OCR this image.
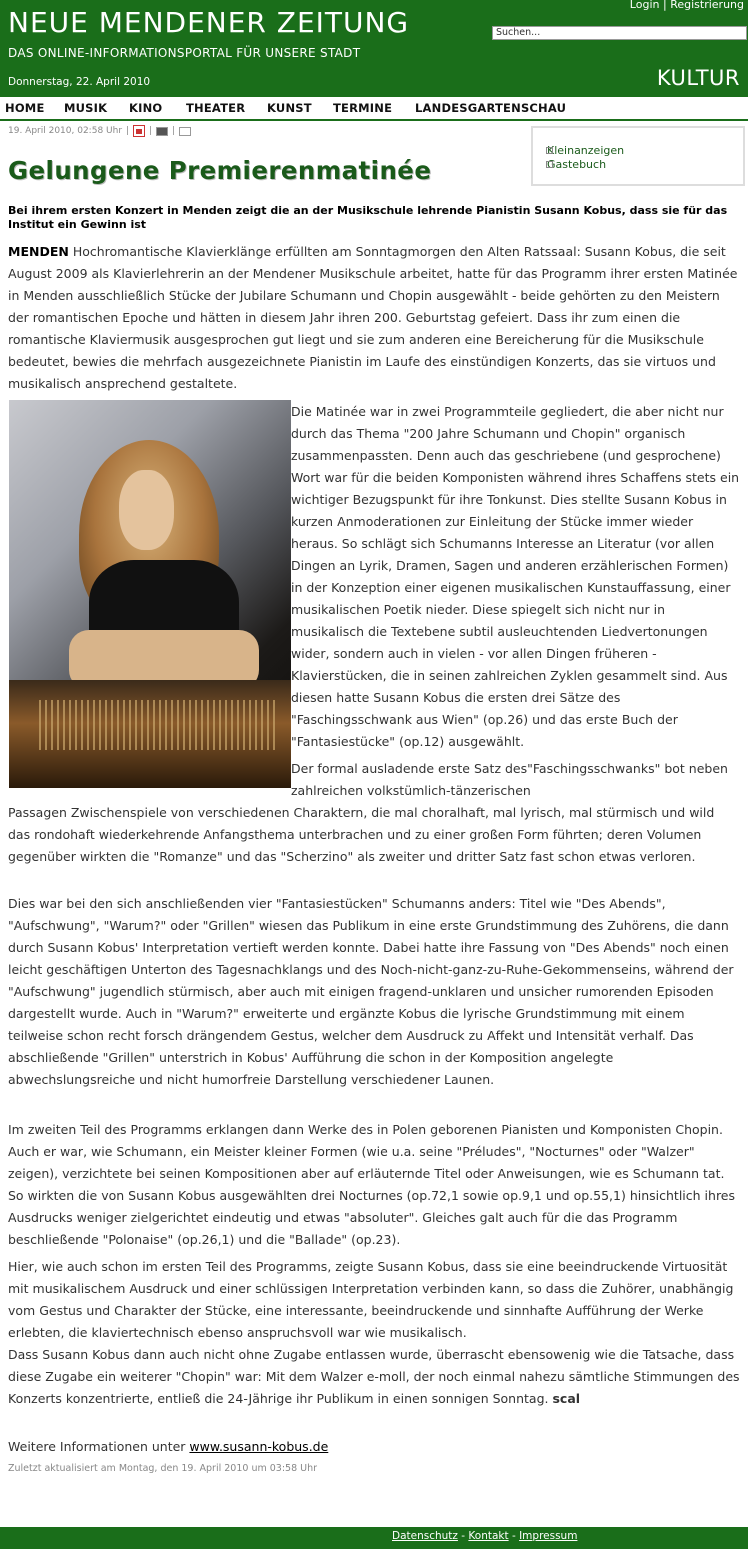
NEUE MENDENER ZEITUNG
DAS ONLINE-INFORMATIONSPORTAL FÜR UNSERE STADT
Donnerstag, 22. April 2010
Login | Registrierung
Suchen...
KULTUR
HOME MUSIK KINO THEATER KUNST TERMINE LANDESGARTENSCHAU
19. April 2010, 02:58 Uhr | | |
Kleinanzeigen
Gastebuch
Gelungene Premierenmatinée
Bei ihrem ersten Konzert in Menden zeigt die an der Musikschule lehrende Pianistin Susann Kobus, dass sie für das Institut ein Gewinn ist
MENDEN Hochromantische Klavierklänge erfüllten am Sonntagmorgen den Alten Ratssaal: Susann Kobus, die seit August 2009 als Klavierlehrerin an der Mendener Musikschule arbeitet, hatte für das Programm ihrer ersten Matinée in Menden ausschließlich Stücke der Jubilare Schumann und Chopin ausgewählt - beide gehörten zu den Meistern der romantischen Epoche und hätten in diesem Jahr ihren 200. Geburtstag gefeiert. Dass ihr zum einen die romantische Klaviermusik ausgesprochen gut liegt und sie zum anderen eine Bereicherung für die Musikschule bedeutet, bewies die mehrfach ausgezeichnete Pianistin im Laufe des einstündigen Konzerts, das sie virtuos und musikalisch ansprechend gestaltete.
Die Matinée war in zwei Programmteile gegliedert, die aber nicht nur durch das Thema "200 Jahre Schumann und Chopin" organisch zusammenpassten. Denn auch das geschriebene (und gesprochene) Wort war für die beiden Komponisten während ihres Schaffens stets ein wichtiger Bezugspunkt für ihre Tonkunst. Dies stellte Susann Kobus in kurzen Anmoderationen zur Einleitung der Stücke immer wieder heraus. So schlägt sich Schumanns Interesse an Literatur (vor allen Dingen an Lyrik, Dramen, Sagen und anderen erzählerischen Formen) in der Konzeption einer eigenen musikalischen Kunstauffassung, einer musikalischen Poetik nieder. Diese spiegelt sich nicht nur in musikalisch die Textebene subtil ausleuchtenden Liedvertonungen wider, sondern auch in vielen - vor allen Dingen früheren - Klavierstücken, die in seinen zahlreichen Zyklen gesammelt sind. Aus diesen hatte Susann Kobus die ersten drei Sätze des "Faschingsschwank aus Wien" (op.26) und das erste Buch der "Fantasiestücke" (op.12) ausgewählt.
Der formal ausladende erste Satz des"Faschingsschwanks" bot neben zahlreichen volkstümlich-tänzerischen
Passagen Zwischenspiele von verschiedenen Charaktern, die mal choralhaft, mal lyrisch, mal stürmisch und wild das rondohaft wiederkehrende Anfangsthema unterbrachen und zu einer großen Form führten; deren Volumen gegenüber wirkten die "Romanze" und das "Scherzino" als zweiter und dritter Satz fast schon etwas verloren.
Dies war bei den sich anschließenden vier "Fantasiestücken" Schumanns anders: Titel wie "Des Abends", "Aufschwung", "Warum?" oder "Grillen" wiesen das Publikum in eine erste Grundstimmung des Zuhörens, die dann durch Susann Kobus' Interpretation vertieft werden konnte. Dabei hatte ihre Fassung von "Des Abends" noch einen leicht geschäftigen Unterton des Tagesnachklangs und des Noch-nicht-ganz-zu-Ruhe-Gekommenseins, während der "Aufschwung" jugendlich stürmisch, aber auch mit einigen fragend-unklaren und unsicher rumorenden Episoden dargestellt wurde. Auch in "Warum?" erweiterte und ergänzte Kobus die lyrische Grundstimmung mit einem teilweise schon recht forsch drängendem Gestus, welcher dem Ausdruck zu Affekt und Intensität verhalf. Das abschließende "Grillen" unterstrich in Kobus' Aufführung die schon in der Komposition angelegte abwechslungsreiche und nicht humorfreie Darstellung verschiedener Launen.
Im zweiten Teil des Programms erklangen dann Werke des in Polen geborenen Pianisten und Komponisten Chopin. Auch er war, wie Schumann, ein Meister kleiner Formen (wie u.a. seine "Préludes", "Nocturnes" oder "Walzer" zeigen), verzichtete bei seinen Kompositionen aber auf erläuternde Titel oder Anweisungen, wie es Schumann tat. So wirkten die von Susann Kobus ausgewählten drei Nocturnes (op.72,1 sowie op.9,1 und op.55,1) hinsichtlich ihres Ausdrucks weniger zielgerichtet eindeutig und etwas "absoluter". Gleiches galt auch für die das Programm beschließende "Polonaise" (op.26,1) und die "Ballade" (op.23).
Hier, wie auch schon im ersten Teil des Programms, zeigte Susann Kobus, dass sie eine beeindruckende Virtuosität mit musikalischem Ausdruck und einer schlüssigen Interpretation verbinden kann, so dass die Zuhörer, unabhängig vom Gestus und Charakter der Stücke, eine interessante, beeindruckende und sinnhafte Aufführung der Werke erlebten, die klaviertechnisch ebenso anspruchsvoll war wie musikalisch.
Dass Susann Kobus dann auch nicht ohne Zugabe entlassen wurde, überrascht ebensowenig wie die Tatsache, dass diese Zugabe ein weiterer "Chopin" war: Mit dem Walzer e-moll, der noch einmal nahezu sämtliche Stimmungen des Konzerts konzentrierte, entließ die 24-Jährige ihr Publikum in einen sonnigen Sonntag. scal
Weitere Informationen unter www.susann-kobus.de
Zuletzt aktualisiert am Montag, den 19. April 2010 um 03:58 Uhr
Datenschutz - Kontakt - Impressum
